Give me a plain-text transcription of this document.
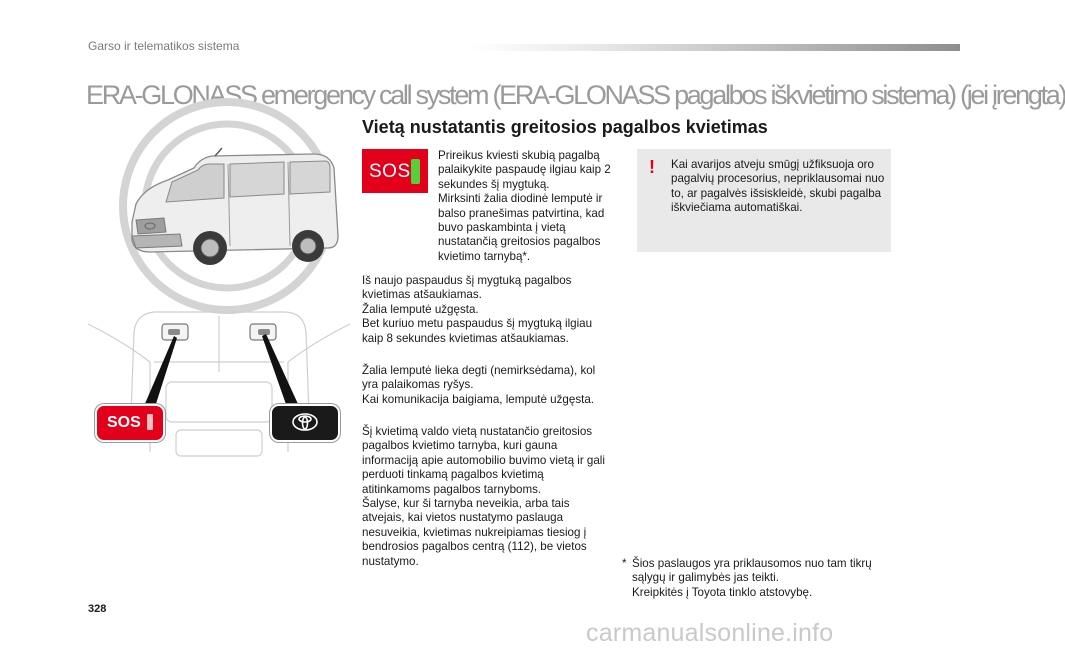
Garso ir telematikos sistema
ERA-GLONASS emergency call system (ERA-GLONASS pagalbos iškvietimo sistema) (jei įrengta)
SOS
Vietą nustatantis greitosios pagalbos kvietimas
SOS
Prireikus kviesti skubią pagalbą palaikykite paspaudę ilgiau kaip 2 sekundes šį mygtuką.
Mirksinti žalia diodinė lemputė ir balso pranešimas patvirtina, kad buvo paskambinta į vietą nustatančią greitosios pagalbos kvietimo tarnybą*.
Iš naujo paspaudus šį mygtuką pagalbos kvietimas atšaukiamas.
Žalia lemputė užgęsta.
Bet kuriuo metu paspaudus šį mygtuką ilgiau kaip 8 sekundes kvietimas atšaukiamas.
Žalia lemputė lieka degti (nemirksėdama), kol yra palaikomas ryšys.
Kai komunikacija baigiama, lemputė užgęsta.
Šį kvietimą valdo vietą nustatančio greitosios pagalbos kvietimo tarnyba, kuri gauna informaciją apie automobilio buvimo vietą ir gali perduoti tinkamą pagalbos kvietimą atitinkamoms pagalbos tarnyboms.
Šalyse, kur ši tarnyba neveikia, arba tais atvejais, kai vietos nustatymo paslauga nesuveikia, kvietimas nukreipiamas tiesiog į bendrosios pagalbos centrą (112), be vietos nustatymo.
! Kai avarijos atveju smūgį užfiksuoja oro pagalvių procesorius, nepriklausomai nuo to, ar pagalvės išsiskleidė, skubi pagalba iškviečiama automatiškai.
* Šios paslaugos yra priklausomos nuo tam tikrų sąlygų ir galimybės jas teikti.
Kreipkitės į Toyota tinklo atstovybę.
328
carmanualsonline.info
